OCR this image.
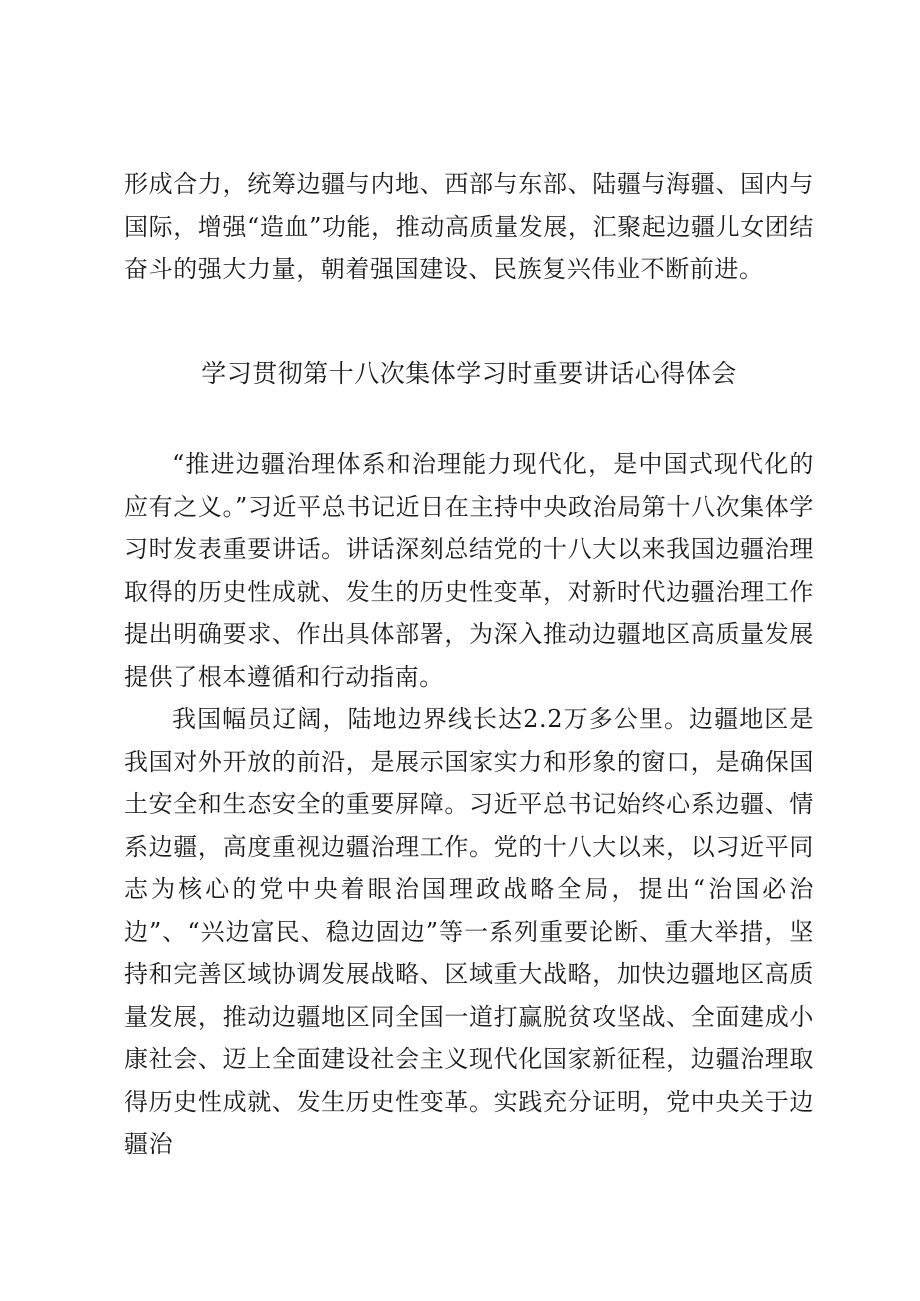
形成合力，统筹边疆与内地、西部与东部、陆疆与海疆、国内与国际，增强“造血”功能，推动高质量发展，汇聚起边疆儿女团结奋斗的强大力量，朝着强国建设、民族复兴伟业不断前进。

学习贯彻第十八次集体学习时重要讲话心得体会

“推进边疆治理体系和治理能力现代化，是中国式现代化的应有之义。”习近平总书记近日在主持中央政治局第十八次集体学习时发表重要讲话。讲话深刻总结党的十八大以来我国边疆治理取得的历史性成就、发生的历史性变革，对新时代边疆治理工作提出明确要求、作出具体部署，为深入推动边疆地区高质量发展提供了根本遵循和行动指南。

我国幅员辽阔，陆地边界线长达2.2万多公里。边疆地区是我国对外开放的前沿，是展示国家实力和形象的窗口，是确保国土安全和生态安全的重要屏障。习近平总书记始终心系边疆、情系边疆，高度重视边疆治理工作。党的十八大以来，以习近平同志为核心的党中央着眼治国理政战略全局，提出“治国必治边”、“兴边富民、稳边固边”等一系列重要论断、重大举措，坚持和完善区域协调发展战略、区域重大战略，加快边疆地区高质量发展，推动边疆地区同全国一道打赢脱贫攻坚战、全面建成小康社会、迈上全面建设社会主义现代化国家新征程，边疆治理取得历史性成就、发生历史性变革。实践充分证明，党中央关于边疆治
